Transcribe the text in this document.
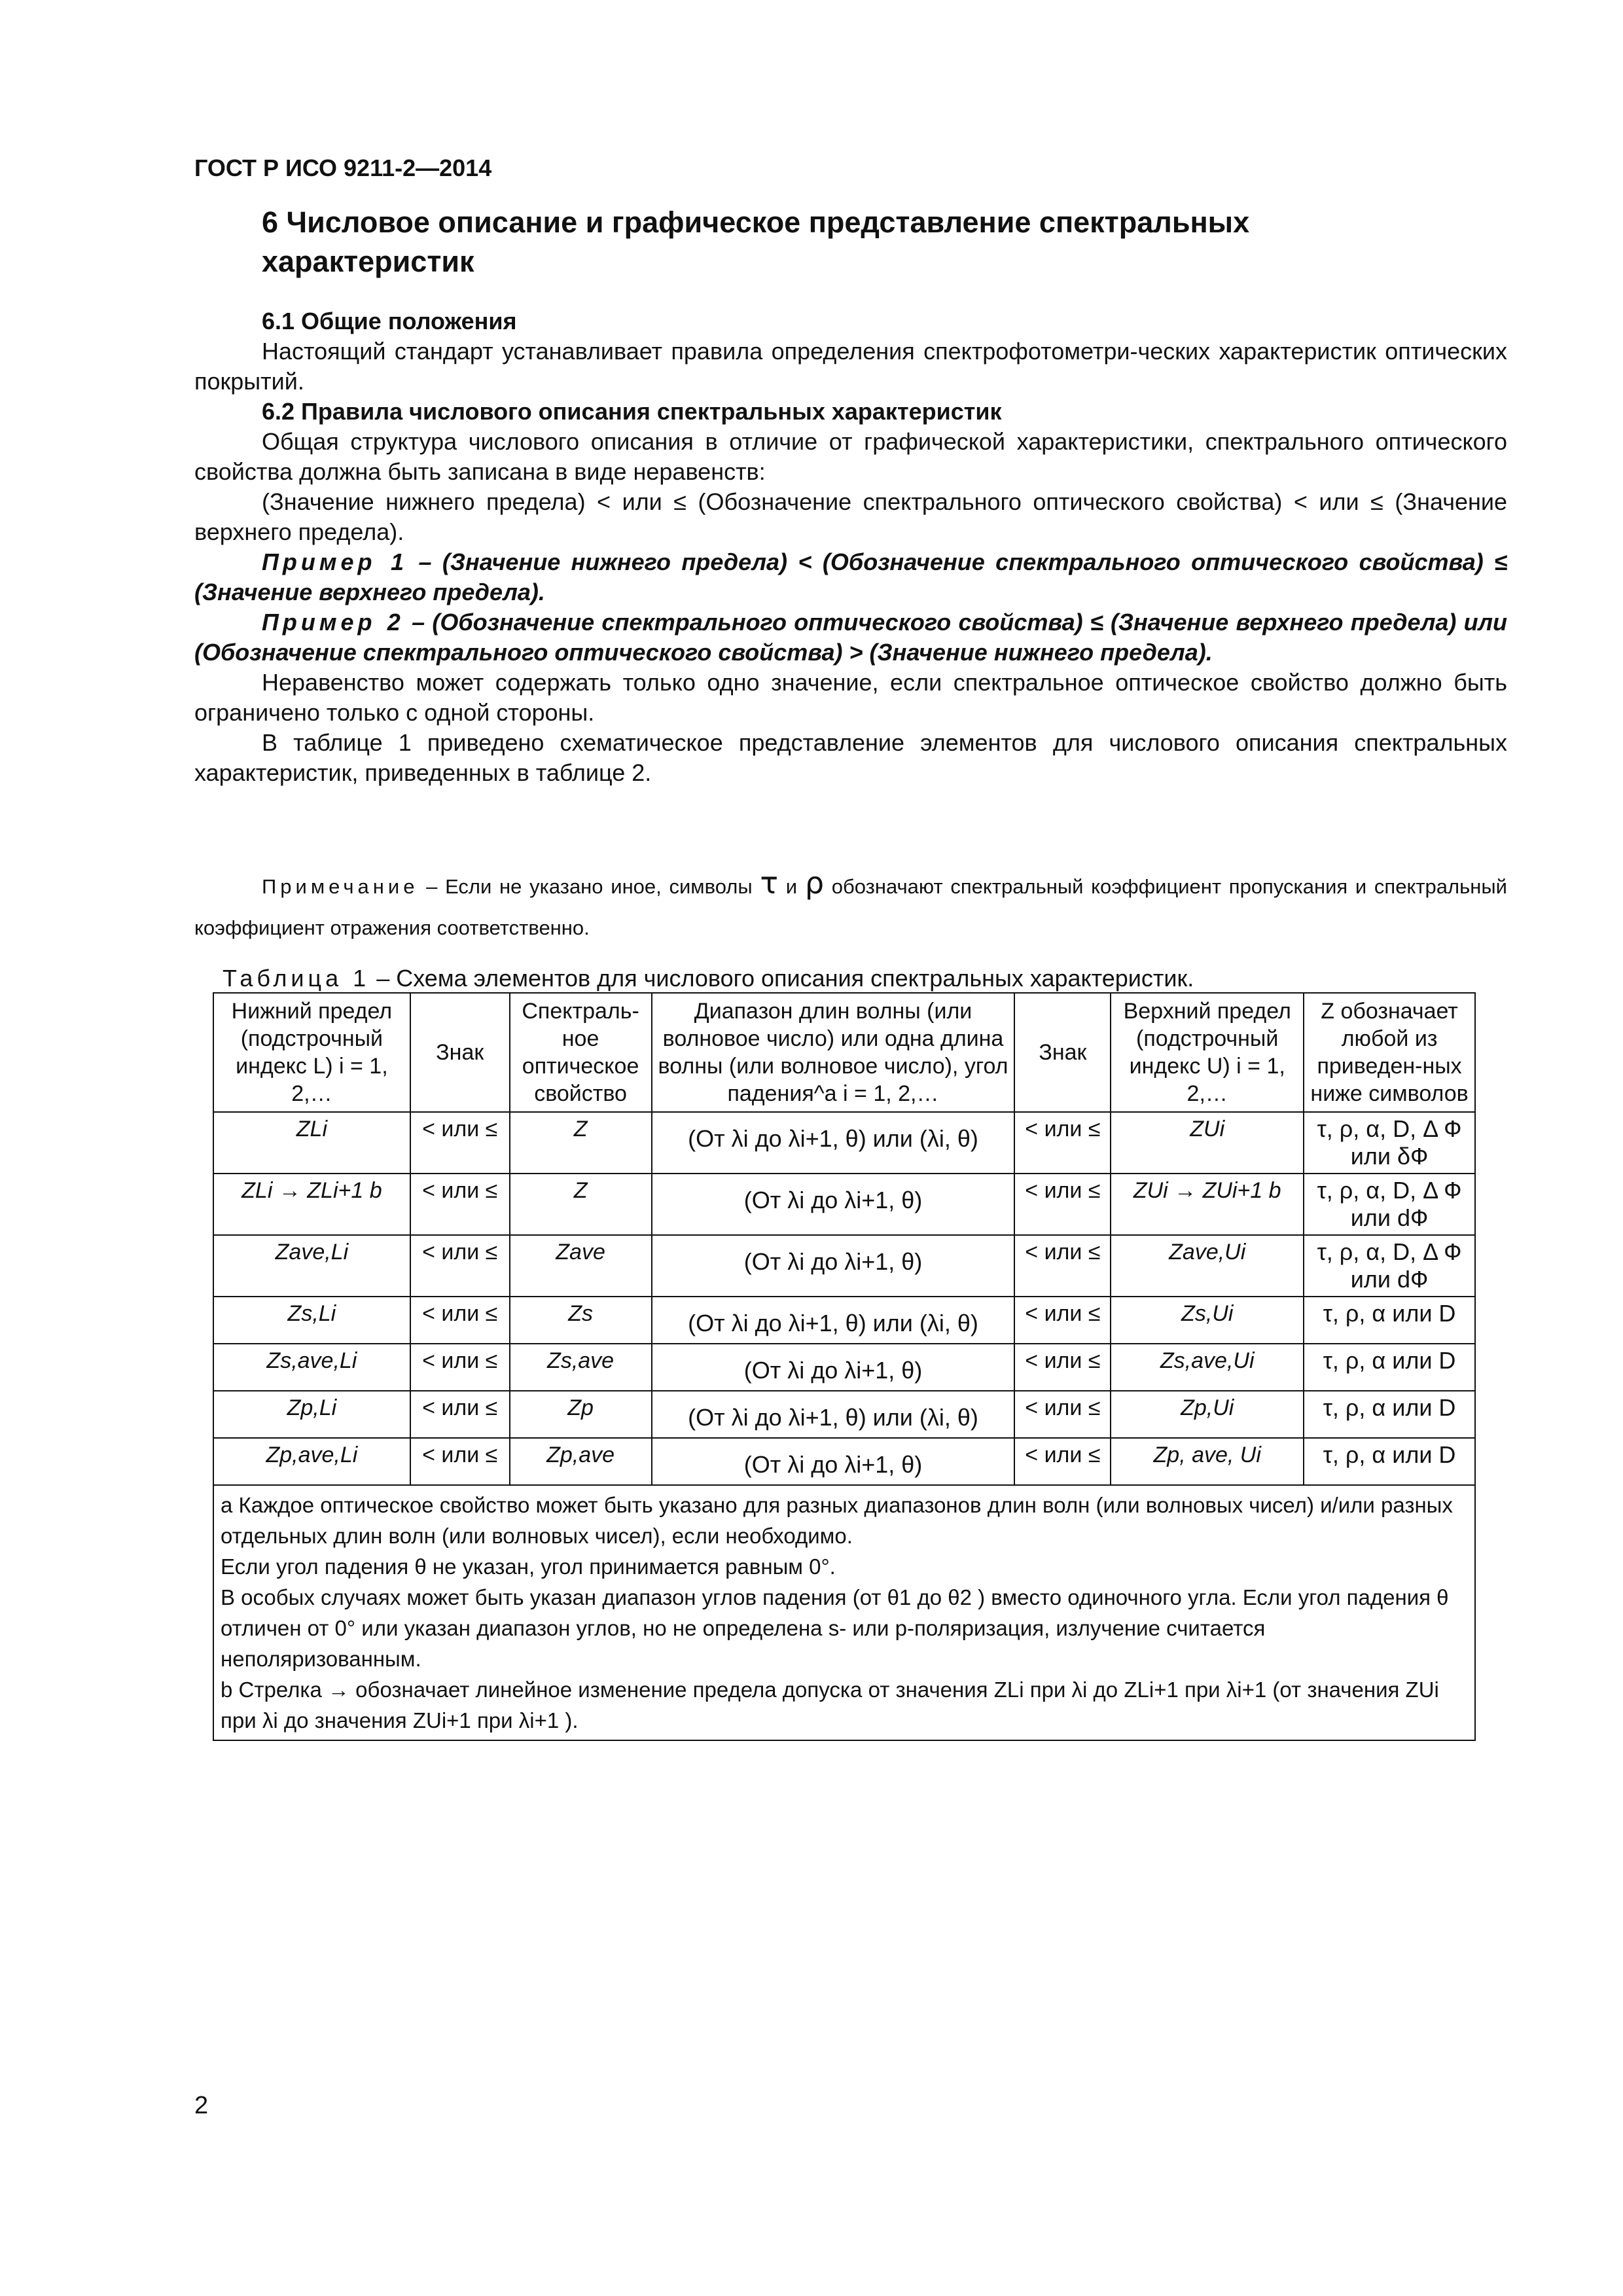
ГОСТ Р ИСО 9211-2—2014
6 Числовое описание и графическое представление спектральных характеристик

6.1 Общие положения

Настоящий стандарт устанавливает правила определения спектрофотометри-ческих характеристик оптических покрытий.

6.2 Правила числового описания спектральных характеристик

Общая структура числового описания в отличие от графической характеристики, спектрального оптического свойства должна быть записана в виде неравенств:

(Значение нижнего предела) < или ≤ (Обозначение спектрального оптического свойства) < или ≤ (Значение верхнего предела).

Пример 1 – (Значение нижнего предела) < (Обозначение спектрального оптического свойства) ≤ (Значение верхнего предела).

Пример 2 – (Обозначение спектрального оптического свойства) ≤ (Значение верхнего предела) или (Обозначение спектрального оптического свойства) > (Значение нижнего предела).

Неравенство может содержать только одно значение, если спектральное оптическое свойство должно быть ограничено только с одной стороны.

В таблице 1 приведено схематическое представление элементов для числового описания спектральных характеристик, приведенных в таблице 2.

Примечание – Если не указано иное, символы τ и ρ обозначают спектральный коэффициент пропускания и спектральный коэффициент отражения соответственно.
Таблица 1 – Схема элементов для числового описания спектральных характеристик.
Нижний предел (подстрочный индекс L) i = 1, 2,…	Знак	Спектраль-ное оптическое свойство	Диапазон длин волны (или волновое число) или одна длина волны (или волновое число), угол падения^a i = 1, 2,…	Знак	Верхний предел (подстрочный индекс U) i = 1, 2,…	Z обозначает любой из приведен-ных ниже символов
ZLi	< или ≤	Z	(От λi до λi+1, θ) или (λi, θ)	< или ≤	ZUi	τ, ρ, α, D, Δ Ф или δФ
ZLi → ZLi+1 b	< или ≤	Z	(От λi до λi+1, θ)	< или ≤	ZUi → ZUi+1 b	τ, ρ, α, D, Δ Ф или dФ
Zave,Li	< или ≤	Zave	(От λi до λi+1, θ)	< или ≤	Zave,Ui	τ, ρ, α, D, Δ Ф или dФ
Zs,Li	< или ≤	Zs	(От λi до λi+1, θ) или (λi, θ)	< или ≤	Zs,Ui	τ, ρ, α или D
Zs,ave,Li	< или ≤	Zs,ave	(От λi до λi+1, θ)	< или ≤	Zs,ave,Ui	τ, ρ, α или D
Zp,Li	< или ≤	Zp	(От λi до λi+1, θ) или (λi, θ)	< или ≤	Zp,Ui	τ, ρ, α или D
Zp,ave,Li	< или ≤	Zp,ave	(От λi до λi+1, θ)	< или ≤	Zp, ave, Ui	τ, ρ, α или D

a Каждое оптическое свойство может быть указано для разных диапазонов длин волн (или волновых чисел) и/или разных отдельных длин волн (или волновых чисел), если необходимо.

Если угол падения θ не указан, угол принимается равным 0°.

В особых случаях может быть указан диапазон углов падения (от θ1 до θ2 ) вместо одиночного угла. Если угол падения θ отличен от 0° или указан диапазон углов, но не определена s- или p-поляризация, излучение считается неполяризованным.

b Стрелка → обозначает линейное изменение предела допуска от значения ZLi при λi до ZLi+1 при λi+1 (от значения ZUi при λi до значения ZUi+1 при λi+1 ).						

2
